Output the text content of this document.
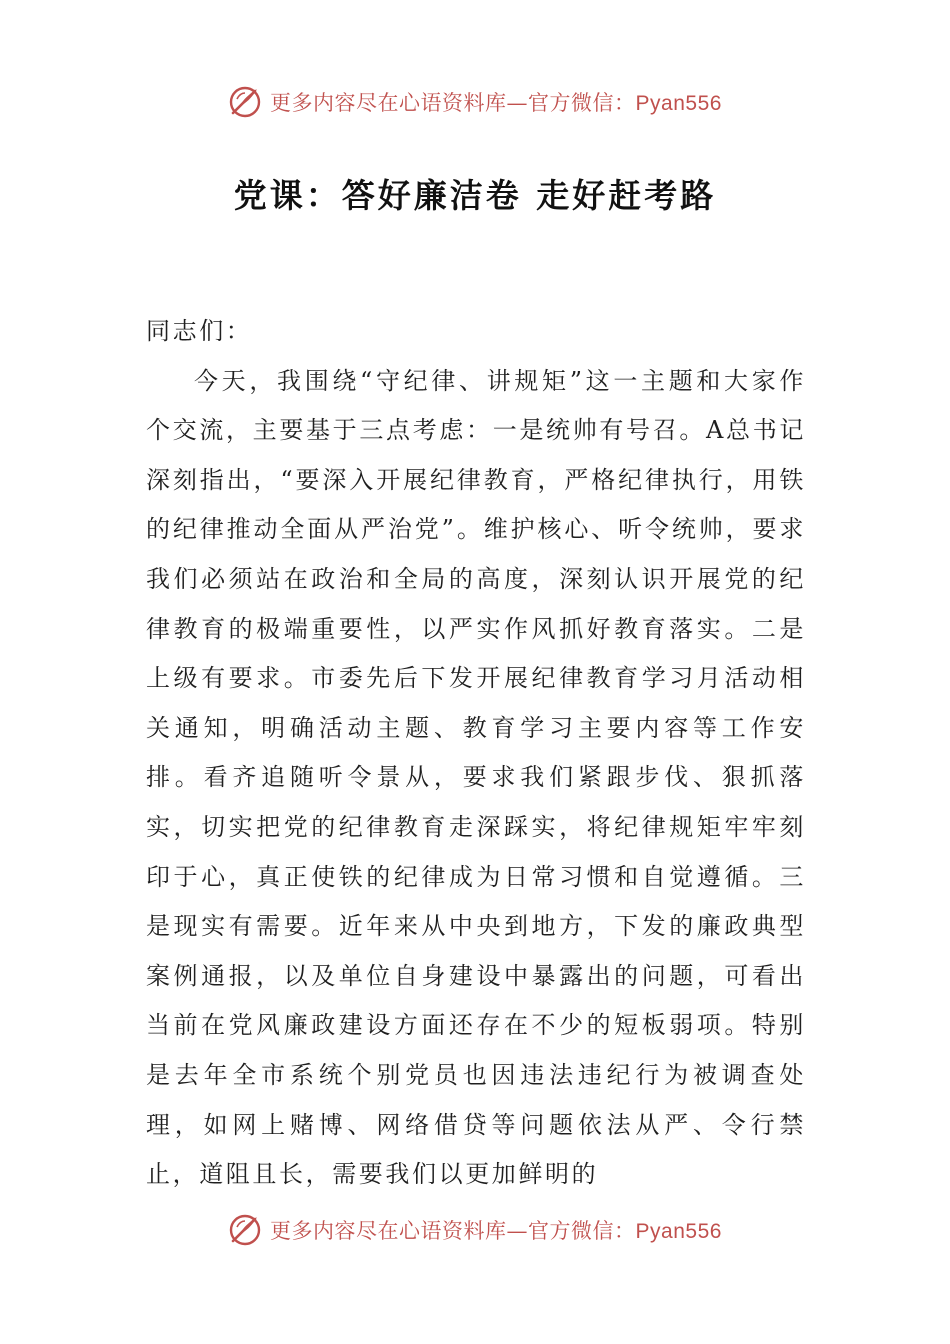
更多内容尽在心语资料库—官方微信：Pyan556
党课：答好廉洁卷 走好赶考路

同志们：

今天，我围绕“守纪律、讲规矩”这一主题和大家作个交流，主要基于三点考虑：一是统帅有号召。A总书记深刻指出，“要深入开展纪律教育，严格纪律执行，用铁的纪律推动全面从严治党”。维护核心、听令统帅，要求我们必须站在政治和全局的高度，深刻认识开展党的纪律教育的极端重要性，以严实作风抓好教育落实。二是上级有要求。市委先后下发开展纪律教育学习月活动相关通知，明确活动主题、教育学习主要内容等工作安排。看齐追随听令景从，要求我们紧跟步伐、狠抓落实，切实把党的纪律教育走深踩实，将纪律规矩牢牢刻印于心，真正使铁的纪律成为日常习惯和自觉遵循。三是现实有需要。近年来从中央到地方，下发的廉政典型案例通报，以及单位自身建设中暴露出的问题，可看出当前在党风廉政建设方面还存在不少的短板弱项。特别是去年全市系统个别党员也因违法违纪行为被调查处理，如网上赌博、网络借贷等问题依法从严、令行禁止，道阻且长，需要我们以更加鲜明的

更多内容尽在心语资料库—官方微信：Pyan556
